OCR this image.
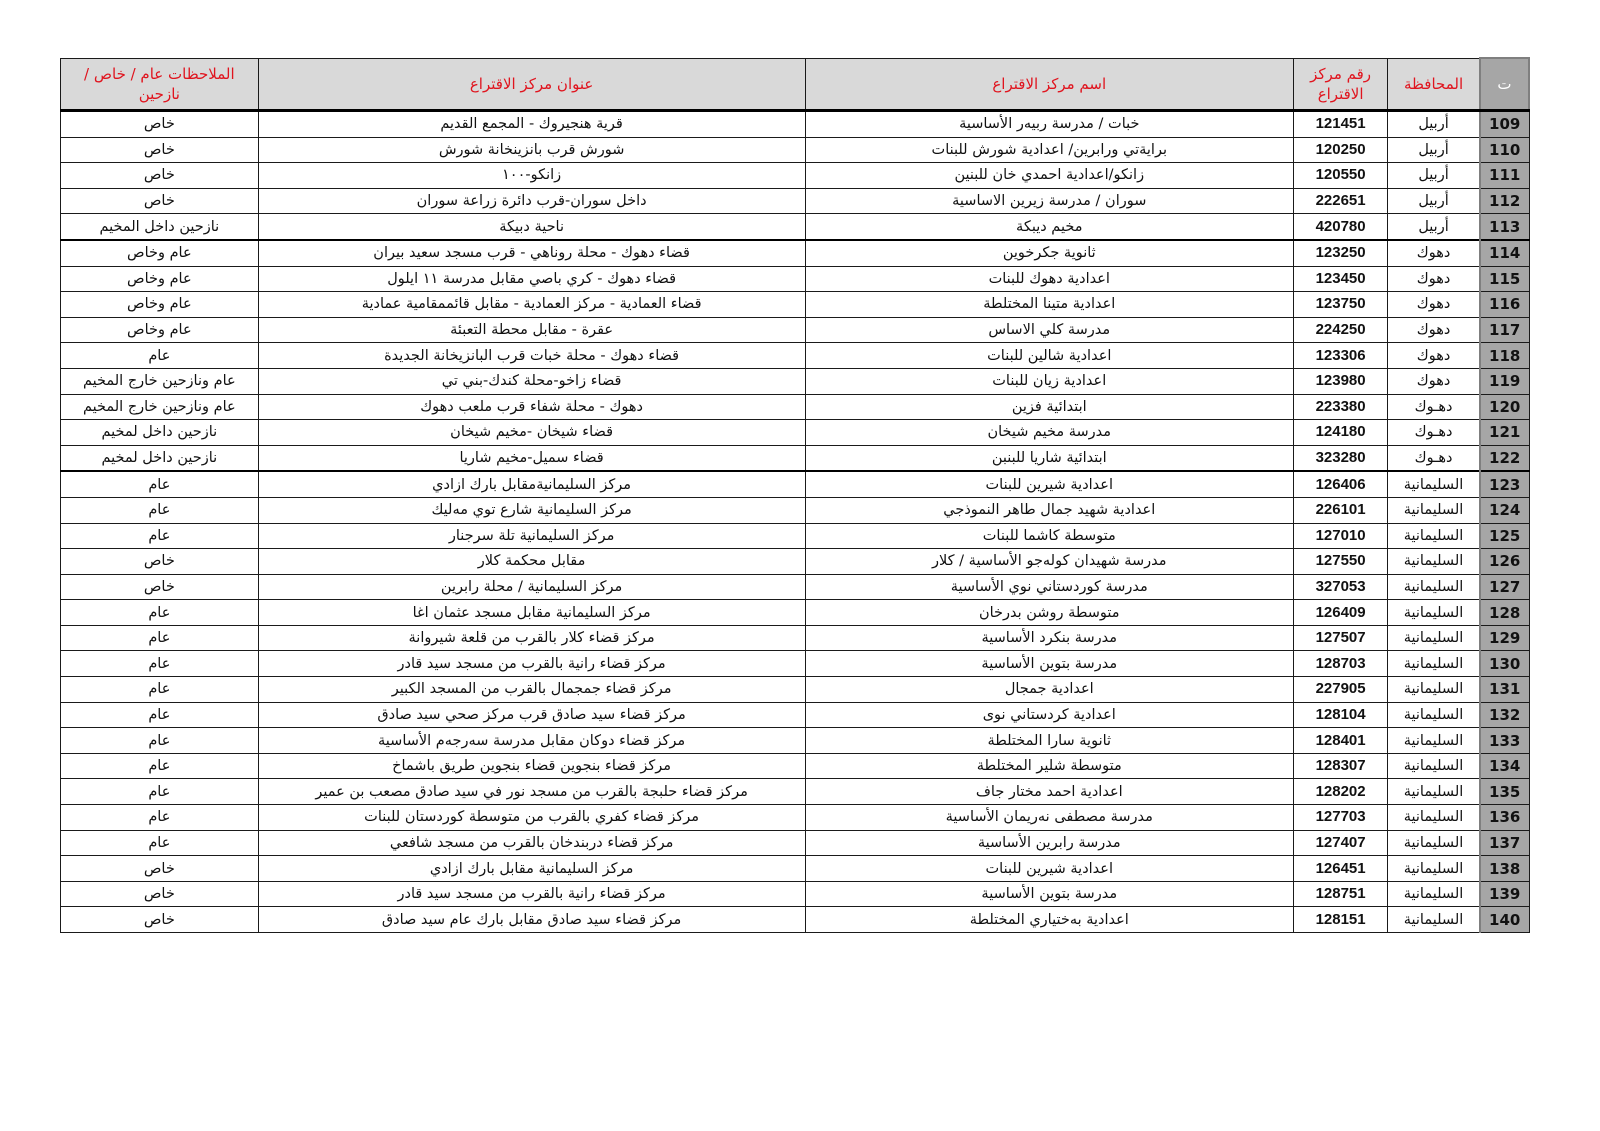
ت	المحافظة	رقم مركز الاقتراع	اسم مركز الاقتراع	عنوان مركز الاقتراع	الملاحظات عام / خاص / نازحين
109	أربيل	121451	خبات / مدرسة ربيەر الأساسية	قرية هنجيروك - المجمع القديم	خاص
110	أربيل	120250	برايةتي ورابرين/ اعدادية شورش للبنات	شورش قرب بانزينخانة شورش	خاص
111	أربيل	120550	زانكو/اعدادية احمدي خان للبنين	زانكو-١٠٠	خاص
112	أربيل	222651	سوران / مدرسة زيرين الاساسية	داخل سوران-قرب دائرة زراعة سوران	خاص
113	أربيل	420780	مخيم ديبكة	ناحية دبيكة	نازحين داخل المخيم
114	دهوك	123250	ثانوية جكرخوين	قضاء دهوك - محلة روناهي - قرب مسجد سعيد بيران	عام وخاص
115	دهوك	123450	اعدادية دهوك للبنات	قضاء دهوك - كري باصي مقابل مدرسة ١١ ايلول	عام وخاص
116	دهوك	123750	اعدادية متينا المختلطة	قضاء العمادية - مركز العمادية - مقابل قائممقامية عمادية	عام وخاص
117	دهوك	224250	مدرسة كلي الاساس	عقرة - مقابل محطة التعبئة	عام وخاص
118	دهوك	123306	اعدادية شالين للبنات	قضاء دهوك - محلة خبات قرب البانزيخانة الجديدة	عام
119	دهوك	123980	اعدادية زيان للبنات	قضاء زاخو-محلة كندك-بني تي	عام ونازحين خارج المخيم
120	دهـوك	223380	ابتدائية فزين	دهوك - محلة شفاء قرب ملعب دهوك	عام ونازحين خارج المخيم
121	دهـوك	124180	مدرسة مخيم شيخان	قضاء شيخان -مخيم شيخان	نازحين داخل لمخيم
122	دهـوك	323280	ابتدائية شاريا للبنبن	قضاء سميل-مخيم شاريا	نازحين داخل لمخيم
123	السليمانية	126406	اعدادية شيرين للبنات	مركز السليمانيةمقابل بارك ازادي	عام
124	السليمانية	226101	اعدادية شهيد جمال طاهر النموذجي	مركز السليمانية شارع توي مەليك	عام
125	السليمانية	127010	متوسطة كاشما للبنات	مركز السليمانية تلة سرجنار	عام
126	السليمانية	127550	مدرسة شهيدان كولەجو الأساسية / كلار	مقابل محكمة كلار	خاص
127	السليمانية	327053	مدرسة كوردستاني نوي الأساسية	مركز السليمانية / محلة رابرين	خاص
128	السليمانية	126409	متوسطة روشن بدرخان	مركز السليمانية مقابل مسجد عثمان اغا	عام
129	السليمانية	127507	مدرسة بنكرد الأساسية	مركز قضاء كلار بالقرب من قلعة شيروانة	عام
130	السليمانية	128703	مدرسة بتوين الأساسية	مركز قضاء رانية بالقرب من مسجد سيد قادر	عام
131	السليمانية	227905	اعدادية جمجال	مركز قضاء جمجمال بالقرب من المسجد الكبير	عام
132	السليمانية	128104	اعدادية كردستاني نوى	مركز قضاء سيد صادق قرب مركز صحي سيد صادق	عام
133	السليمانية	128401	ثانوية سارا المختلطة	مركز قضاء دوكان مقابل مدرسة سەرجەم الأساسية	عام
134	السليمانية	128307	متوسطة شلير المختلطة	مركز قضاء بنجوين قضاء بنجوين طريق باشماخ	عام
135	السليمانية	128202	اعدادية احمد مختار جاف	مركز قضاء حلبجة بالقرب من مسجد نور في سيد صادق مصعب بن عمير	عام
136	السليمانية	127703	مدرسة مصطفى نەريمان الأساسية	مركز قضاء كفري بالقرب من متوسطة كوردستان للبنات	عام
137	السليمانية	127407	مدرسة رابرين الأساسية	مركز قضاء دربندخان بالقرب من مسجد شافعي	عام
138	السليمانية	126451	اعدادية شيرين للبنات	مركز السليمانية مقابل بارك ازادي	خاص
139	السليمانية	128751	مدرسة بتوين الأساسية	مركز قضاء رانية بالقرب من مسجد سيد قادر	خاص
140	السليمانية	128151	اعدادية بەختياري المختلطة	مركز قضاء سيد صادق مقابل بارك عام سيد صادق	خاص
